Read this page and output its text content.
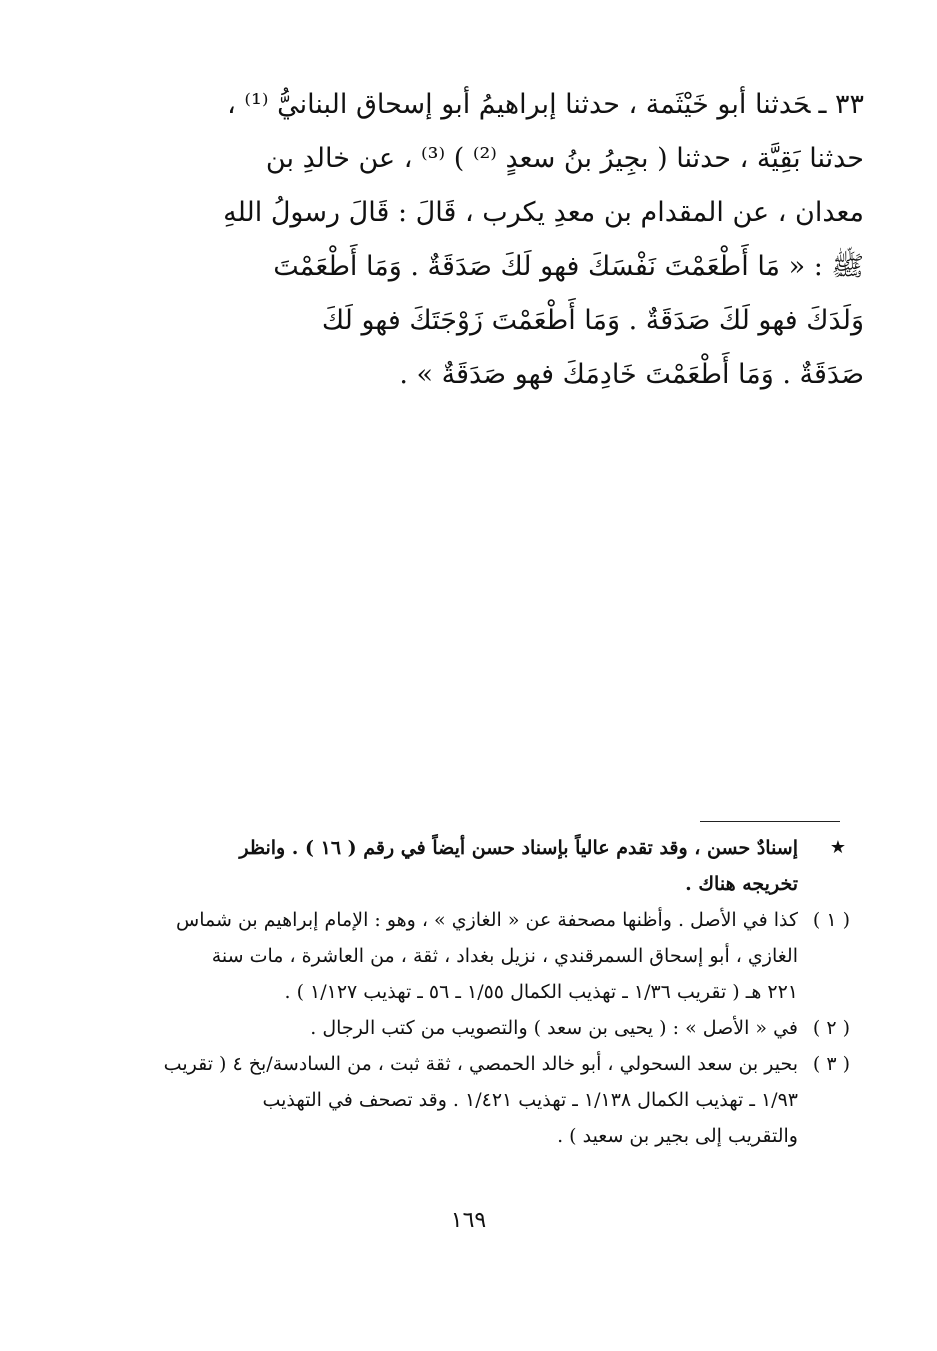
٣٣ ـحَدثنا أبو خَيْثَمة ، حدثنا إبراهيمُ أبو إسحاق البنانيُّ ⁽¹⁾ ،
حدثنا بَقِيَّة ، حدثنا ( بجِيرُ بنُ سعدٍ ⁽²⁾ ) ⁽³⁾ ، عن خالدِ بن
معدان ، عن المقدام بن معدِ يكرب ، قَالَ : قَالَ رسولُ اللهِ
ﷺ : « مَا أَطْعَمْتَ نَفْسَكَ فهو لَكَ صَدَقَةٌ . وَمَا أَطْعَمْتَ
وَلَدَكَ فهو لَكَ صَدَقَةٌ . وَمَا أَطْعَمْتَ زَوْجَتَكَ فهو لَكَ
صَدَقَةٌ . وَمَا أَطْعَمْتَ خَادِمَكَ فهو صَدَقَةٌ » .
★
إسنادٌ حسن ، وقد تقدم عالياً بإسناد حسن أيضاً في رقم ( ١٦ ) . وانظر
تخريجه هناك .
( ١ )
كذا في الأصل . وأظنها مصحفة عن « الغازي » ، وهو : الإمام إبراهيم بن شماس
الغازي ، أبو إسحاق السمرقندي ، نزيل بغداد ، ثقة ، من العاشرة ، مات سنة
٢٢١ هـ ( تقريب ١/٣٦ ـ تهذيب الكمال ١/٥٥ ـ ٥٦ ـ تهذيب ١/١٢٧ ) .
( ٢ )
في « الأصل » : ( يحيى بن سعد ) والتصويب من كتب الرجال .
( ٣ )
بحير بن سعد السحولي ، أبو خالد الحمصي ، ثقة ثبت ، من السادسة/بخ ٤ ( تقريب
١/٩٣ ـ تهذيب الكمال ١/١٣٨ ـ تهذيب ١/٤٢١ . وقد تصحف في التهذيب
والتقريب إلى بجير بن سعيد ) .
١٦٩
